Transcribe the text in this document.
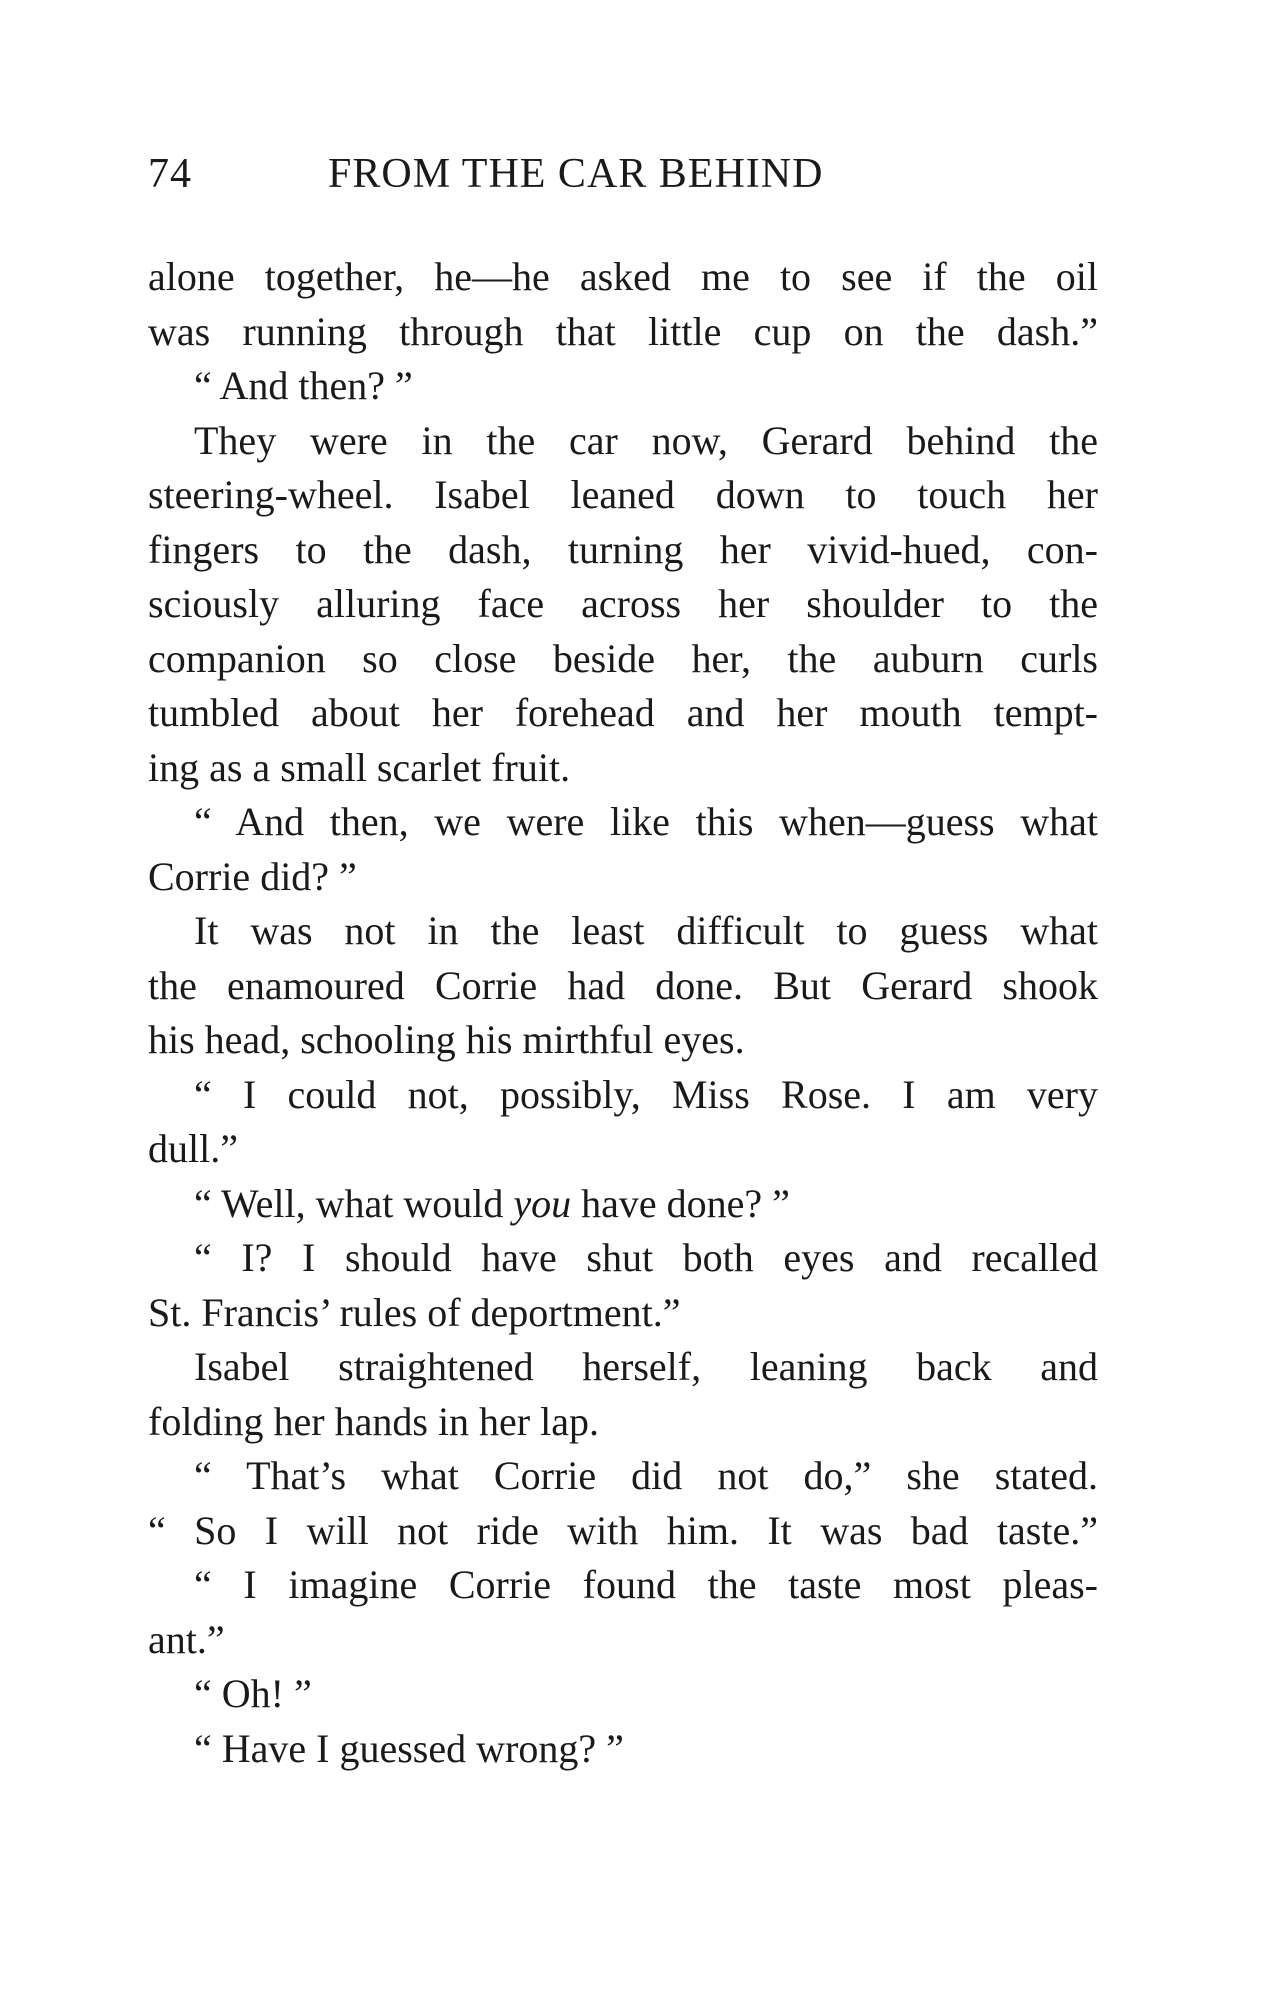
74	FROM THE CAR BEHIND
alone together, he—he asked me to see if the oil
was running through that little cup on the dash.”
“ And then? ”
They were in the car now, Gerard behind the
steering-wheel. Isabel leaned down to touch her
fingers to the dash, turning her vivid-hued, con-
sciously alluring face across her shoulder to the
companion so close beside her, the auburn curls
tumbled about her forehead and her mouth tempt-
ing as a small scarlet fruit.
“ And then, we were like this when—guess what
Corrie did? ”
It was not in the least difficult to guess what
the enamoured Corrie had done. But Gerard shook
his head, schooling his mirthful eyes.
“ I could not, possibly, Miss Rose. I am very
dull.”
“ Well, what would you have done? ”
“ I? I should have shut both eyes and recalled
St. Francis’ rules of deportment.”
Isabel straightened herself, leaning back and
folding her hands in her lap.
“ That’s what Corrie did not do,” she stated.
“ So I will not ride with him. It was bad taste.”
“ I imagine Corrie found the taste most pleas-
ant.”
“ Oh! ”
“ Have I guessed wrong? ”
